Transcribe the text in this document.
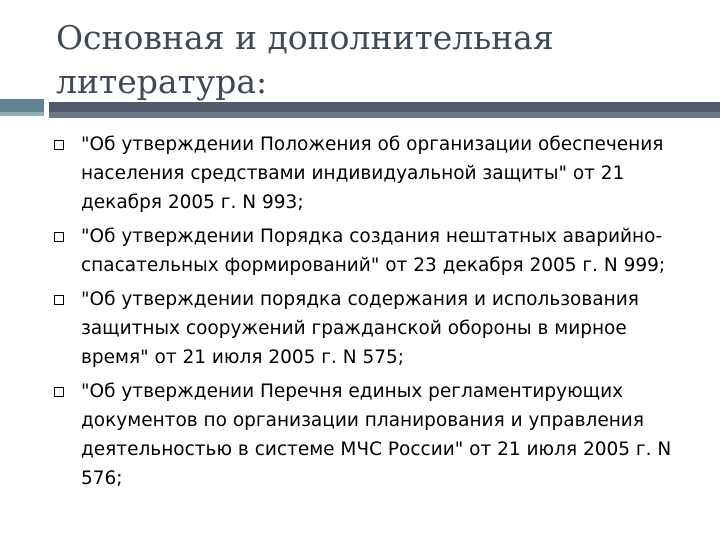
Основная и дополнительная
литература:
"Об утверждении Положения об организации обеспечения населения средствами индивидуальной защиты" от 21 декабря 2005 г. N 993;
"Об утверждении Порядка создания нештатных аварийно-спасательных формирований" от 23 декабря 2005 г. N 999;
"Об утверждении порядка содержания и использования защитных сооружений гражданской обороны в мирное время" от 21 июля 2005 г. N 575;
"Об утверждении Перечня единых регламентирующих документов по организации планирования и управления деятельностью в системе МЧС России" от 21 июля 2005 г. N 576;
